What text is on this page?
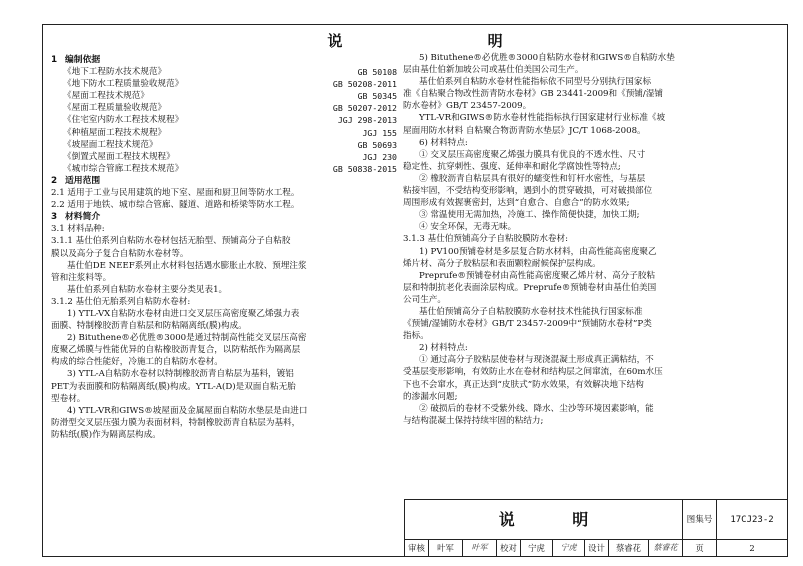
说 明
1 编制依据
《地下工程防水技术规范》	GB 50108
《地下防水工程质量验收规范》	GB 50208-2011
《屋面工程技术规范》	GB 50345
《屋面工程质量验收规范》	GB 50207-2012
《住宅室内防水工程技术规程》	JGJ 298-2013
《种植屋面工程技术规程》	JGJ 155
《坡屋面工程技术规范》	GB 50693
《倒置式屋面工程技术规程》	JGJ 230
《城市综合管廊工程技术规范》	GB 50838-2015
2 适用范围
2.1 适用于工业与民用建筑的地下室、屋面和厨卫间等防水工程。
2.2 适用于地铁、城市综合管廊、隧道、道路和桥梁等防水工程。
3 材料简介
3.1 材料品种:
3.1.1 基仕伯系列自粘防水卷材包括无胎型、预铺高分子自粘胶
膜以及高分子复合自粘防水卷材等。
基仕伯DE NEEF系列止水材料包括遇水膨胀止水胶、预埋注浆
管和注浆料等。
基仕伯系列自粘防水卷材主要分类见表1。
3.1.2 基仕伯无胎系列自粘防水卷材:
1) YTL-VX自粘防水卷材由进口交叉层压高密度聚乙烯强力表
面膜、特制橡胶沥青自粘层和防粘隔离纸(膜)构成。
2) Bituthene®必优胜®3000是通过特制高性能交叉层压高密
度聚乙烯膜与性能优异的自粘橡胶沥青复合，以防粘纸作为隔离层
构成的综合性能好，冷施工的自粘防水卷材。
3) YTL-A自粘防水卷材以特制橡胶沥青自粘层为基料，镀铝
PET为表面膜和防粘隔离纸(膜)构成。YTL-A(D)是双面自粘无胎
型卷材。
4) YTL-VR和GIWS®坡屋面及金属屋面自粘防水垫层是由进口
防滑型交叉层压强力膜为表面材料，特制橡胶沥青自粘层为基料，
防粘纸(膜)作为隔离层构成。
5) Bituthene®必优胜®3000自粘防水卷材和GIWS®自粘防水垫
层由基仕伯新加坡公司或基仕伯美国公司生产。
基仕伯系列自粘防水卷材性能指标依不同型号分别执行国家标
准《自粘聚合物改性沥青防水卷材》GB 23441-2009和《预铺/湿铺
防水卷材》GB/T 23457-2009。
YTL-VR和GIWS®防水卷材性能指标执行国家建材行业标准《坡
屋面用防水材料 自粘聚合物沥青防水垫层》JC/T 1068-2008。
6) 材料特点:
① 交叉层压高密度聚乙烯强力膜具有优良的不透水性、尺寸
稳定性、抗穿刺性、强度、延伸率和耐化学腐蚀性等特点;
② 橡胶沥青自粘层具有很好的蠕变性和钉杆水密性，与基层
粘接牢固，不受结构变形影响，遇到小的贯穿破损，可对破损部位
周围形成有效握裹密封，达到“自愈合、自愈合”的防水效果;
③ 常温使用无需加热，冷施工、操作简便快捷，加快工期;
④ 安全环保，无毒无味。
3.1.3 基仕伯预铺高分子自粘胶膜防水卷材:
1) PV100预铺卷材是多层复合防水材料，由高性能高密度聚乙
烯片材、高分子胶粘层和表面颗粒耐候保护层构成。
Preprufe®预铺卷材由高性能高密度聚乙烯片材、高分子胶粘
层和特制抗老化表面涂层构成。Preprufe®预铺卷材由基仕伯美国
公司生产。
基仕伯预铺高分子自粘胶膜防水卷材技术性能执行国家标准
《预铺/湿铺防水卷材》GB/T 23457-2009中“预铺防水卷材”P类
指标。
2) 材料特点:
① 通过高分子胶粘层使卷材与现浇混凝土形成真正满粘结，不
受基层变形影响，有效防止水在卷材和结构层之间窜流，在60m水压
下也不会窜水，真正达到“皮肤式”防水效果，有效解决地下结构
的渗漏水问题;
② 破损后的卷材不受紫外线、降水、尘沙等环境因素影响，能
与结构混凝土保持持续牢固的粘结力;
说 明	图集号	17CJ23-2
审核	叶军	叶军	校对	宁虎	宁虎	设计	蔡睿花	蔡睿花	页	2
